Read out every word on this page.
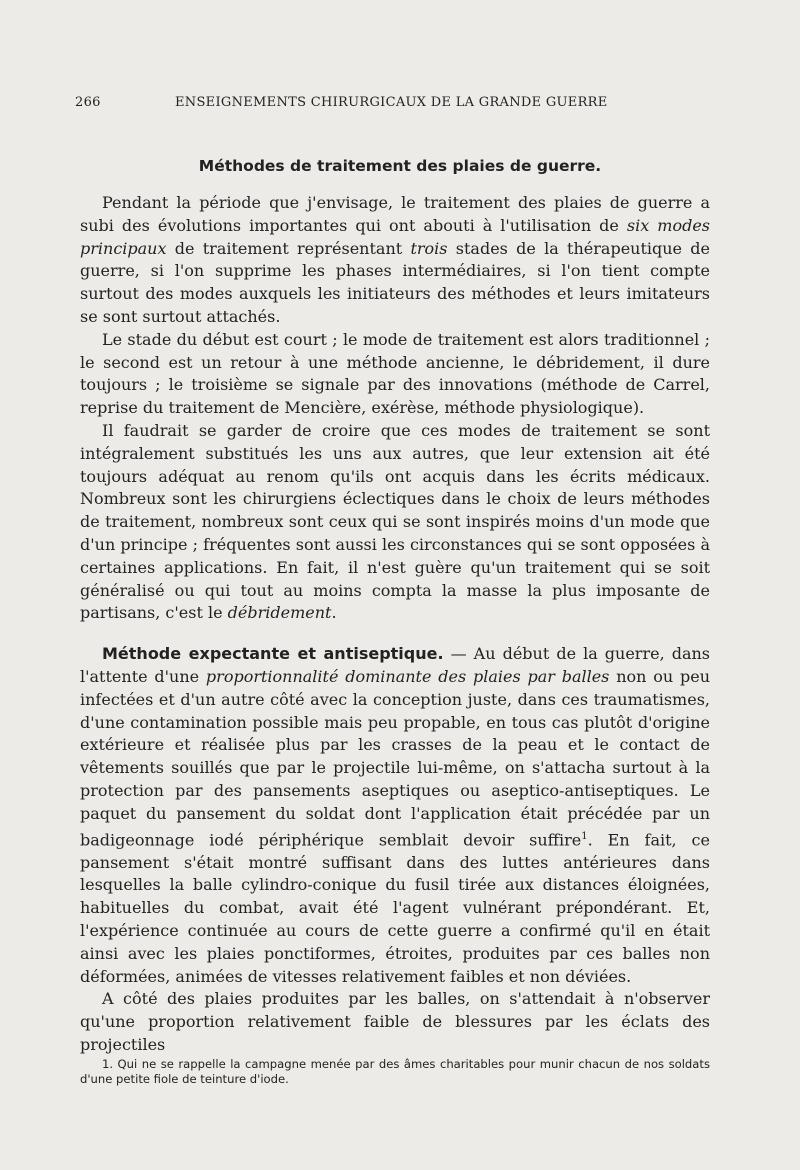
266	ENSEIGNEMENTS CHIRURGICAUX DE LA GRANDE GUERRE
Méthodes de traitement des plaies de guerre.

Pendant la période que j'envisage, le traitement des plaies de guerre a subi des évolutions importantes qui ont abouti à l'utilisation de six modes principaux de traitement représentant trois stades de la thérapeutique de guerre, si l'on supprime les phases intermédiaires, si l'on tient compte surtout des modes auxquels les initiateurs des méthodes et leurs imitateurs se sont surtout attachés.

Le stade du début est court ; le mode de traitement est alors traditionnel ; le second est un retour à une méthode ancienne, le débridement, il dure toujours ; le troisième se signale par des innovations (méthode de Carrel, reprise du traitement de Mencière, exérèse, méthode physiologique).

Il faudrait se garder de croire que ces modes de traitement se sont intégralement substitués les uns aux autres, que leur extension ait été toujours adéquat au renom qu'ils ont acquis dans les écrits médicaux. Nombreux sont les chirurgiens éclectiques dans le choix de leurs méthodes de traitement, nombreux sont ceux qui se sont inspirés moins d'un mode que d'un principe ; fréquentes sont aussi les circonstances qui se sont opposées à certaines applications. En fait, il n'est guère qu'un traitement qui se soit généralisé ou qui tout au moins compta la masse la plus imposante de partisans, c'est le débridement.

Méthode expectante et antiseptique. — Au début de la guerre, dans l'attente d'une proportionnalité dominante des plaies par balles non ou peu infectées et d'un autre côté avec la conception juste, dans ces traumatismes, d'une contamination possible mais peu propable, en tous cas plutôt d'origine extérieure et réalisée plus par les crasses de la peau et le contact de vêtements souillés que par le projectile lui-même, on s'attacha surtout à la protection par des pansements aseptiques ou aseptico-antiseptiques. Le paquet du pansement du soldat dont l'application était précédée par un badigeonnage iodé périphérique semblait devoir suffire$^1$. En fait, ce pansement s'était montré suffisant dans des luttes antérieures dans lesquelles la balle cylindro-conique du fusil tirée aux distances éloignées, habituelles du combat, avait été l'agent vulnérant prépondérant. Et, l'expérience continuée au cours de cette guerre a confirmé qu'il en était ainsi avec les plaies ponctiformes, étroites, produites par ces balles non déformées, animées de vitesses relativement faibles et non déviées.

A côté des plaies produites par les balles, on s'attendait à n'observer qu'une proportion relativement faible de blessures par les éclats des projectiles

1. Qui ne se rappelle la campagne menée par des âmes charitables pour munir chacun de nos soldats d'une petite fiole de teinture d'iode.
